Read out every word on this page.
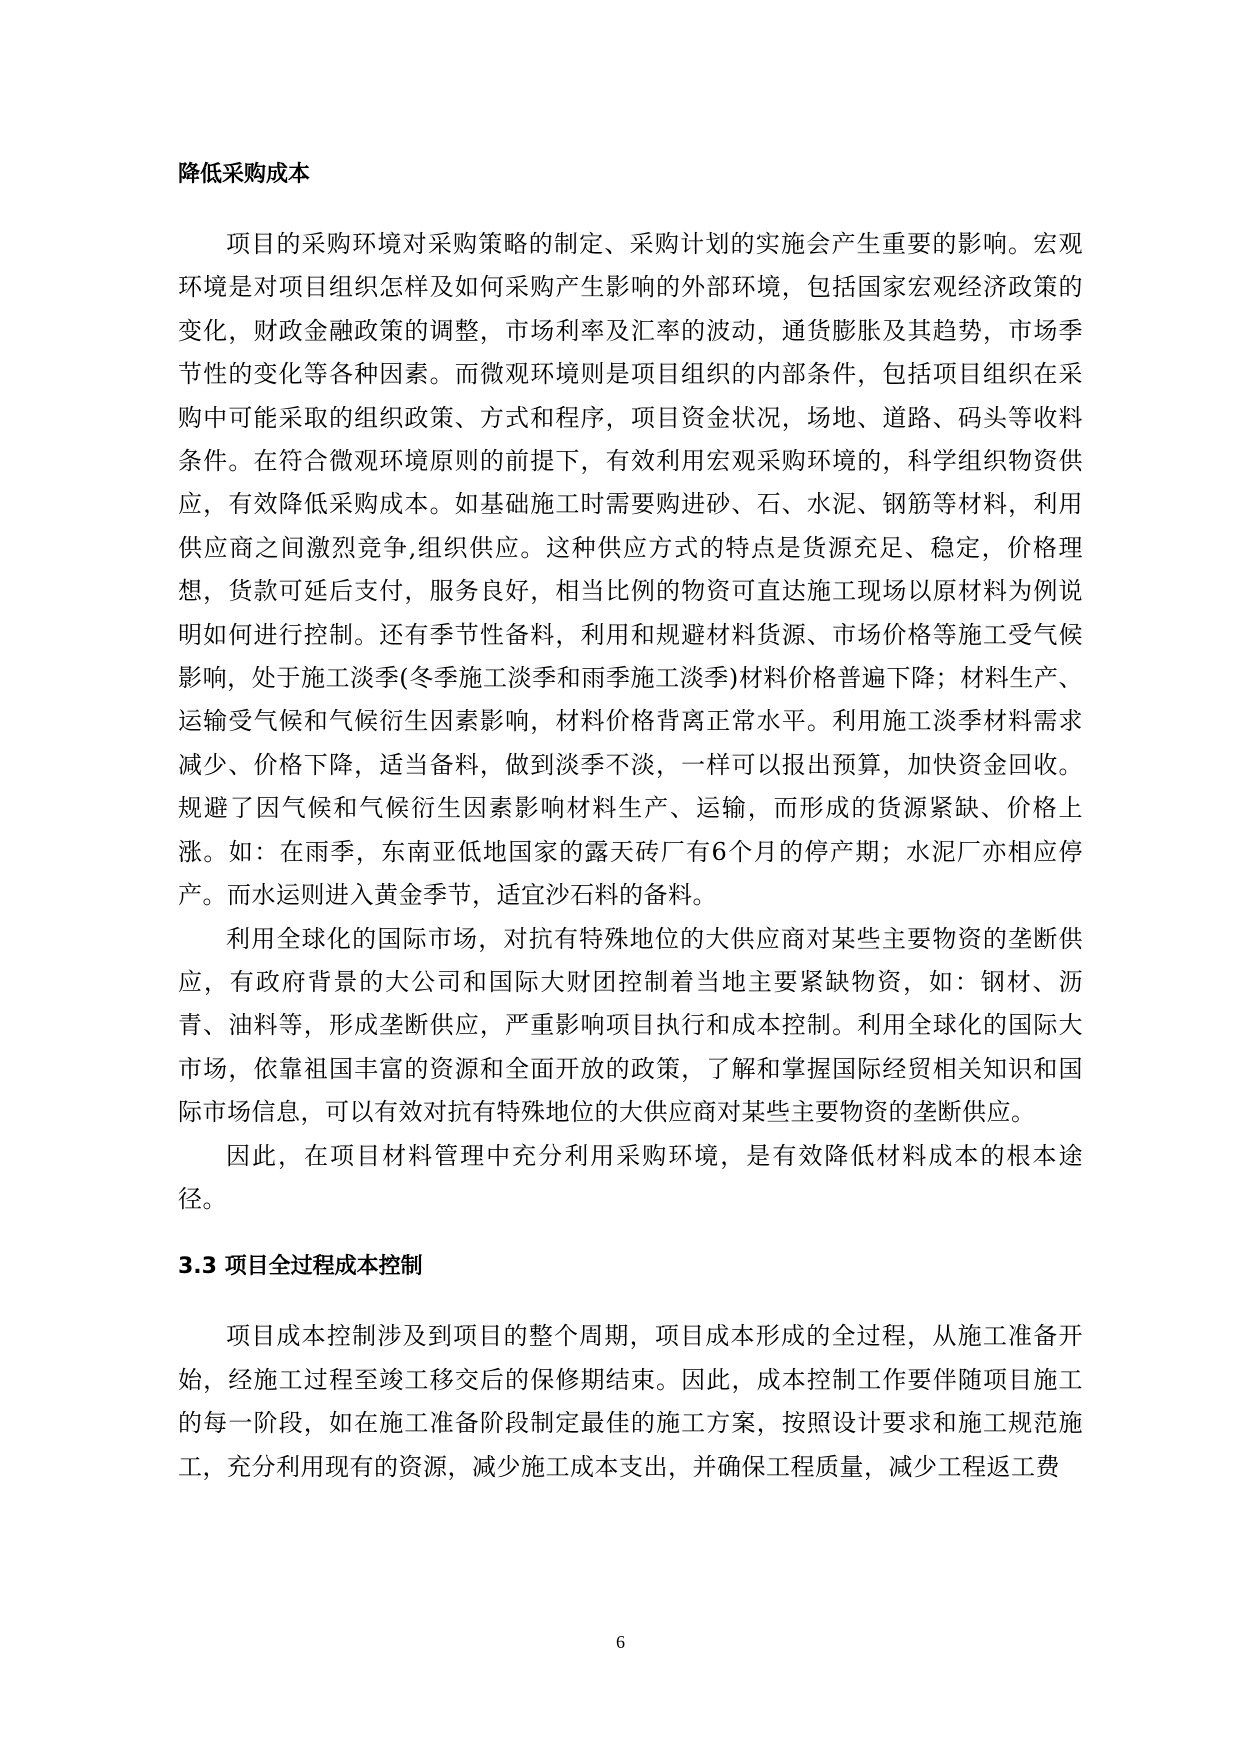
降低采购成本

项目的采购环境对采购策略的制定、采购计划的实施会产生重要的影响。宏观环境是对项目组织怎样及如何采购产生影响的外部环境，包括国家宏观经济政策的变化，财政金融政策的调整，市场利率及汇率的波动，通货膨胀及其趋势，市场季节性的变化等各种因素。而微观环境则是项目组织的内部条件，包括项目组织在采购中可能采取的组织政策、方式和程序，项目资金状况，场地、道路、码头等收料条件。在符合微观环境原则的前提下，有效利用宏观采购环境的，科学组织物资供应，有效降低采购成本。如基础施工时需要购进砂、石、水泥、钢筋等材料，利用供应商之间激烈竞争,组织供应。这种供应方式的特点是货源充足、稳定，价格理想，货款可延后支付，服务良好，相当比例的物资可直达施工现场以原材料为例说明如何进行控制。还有季节性备料，利用和规避材料货源、市场价格等施工受气候影响，处于施工淡季(冬季施工淡季和雨季施工淡季)材料价格普遍下降；材料生产、运输受气候和气候衍生因素影响，材料价格背离正常水平。利用施工淡季材料需求减少、价格下降，适当备料，做到淡季不淡，一样可以报出预算，加快资金回收。规避了因气候和气候衍生因素影响材料生产、运输，而形成的货源紧缺、价格上涨。如：在雨季，东南亚低地国家的露天砖厂有6个月的停产期；水泥厂亦相应停产。而水运则进入黄金季节，适宜沙石料的备料。

利用全球化的国际市场，对抗有特殊地位的大供应商对某些主要物资的垄断供应，有政府背景的大公司和国际大财团控制着当地主要紧缺物资，如：钢材、沥青、油料等，形成垄断供应，严重影响项目执行和成本控制。利用全球化的国际大市场，依靠祖国丰富的资源和全面开放的政策，了解和掌握国际经贸相关知识和国际市场信息，可以有效对抗有特殊地位的大供应商对某些主要物资的垄断供应。

因此，在项目材料管理中充分利用采购环境，是有效降低材料成本的根本途径。

3.3 项目全过程成本控制

项目成本控制涉及到项目的整个周期，项目成本形成的全过程，从施工准备开始，经施工过程至竣工移交后的保修期结束。因此，成本控制工作要伴随项目施工的每一阶段，如在施工准备阶段制定最佳的施工方案，按照设计要求和施工规范施工，充分利用现有的资源，减少施工成本支出，并确保工程质量，减少工程返工费

6
